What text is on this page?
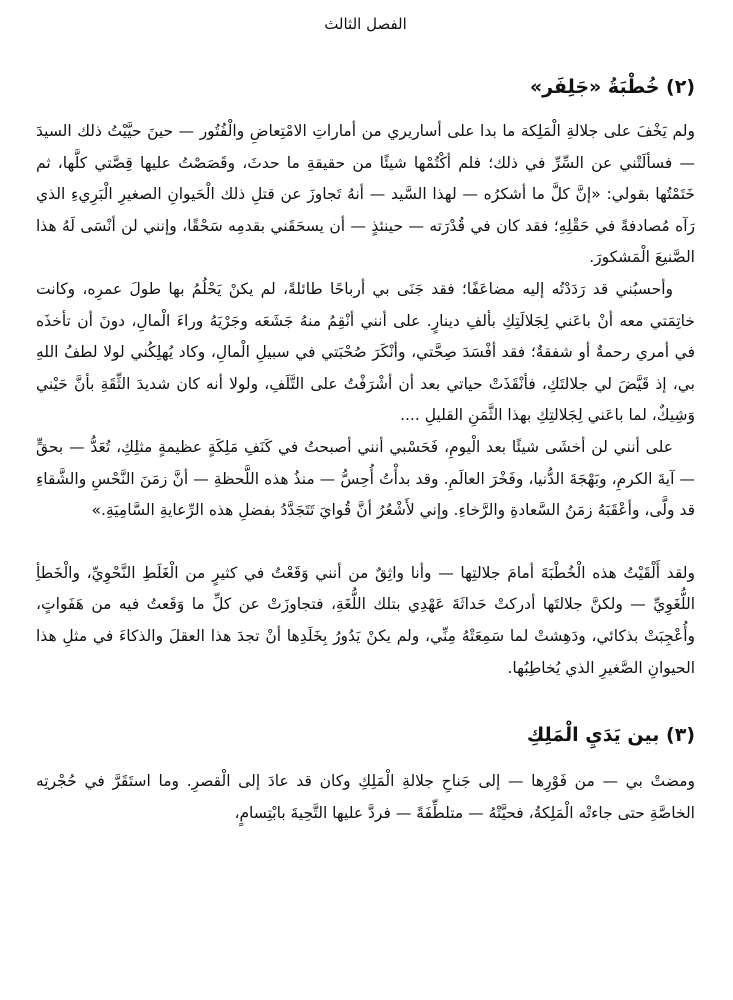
الفصل الثالث
(٢) خُطْبَةُ «جَلِفَر»

ولم يَخْفَ على جلالةِ الْمَلِكة ما بدا على أساريري من أماراتِ الامْتِعاضِ والْفُتُور — حينَ حيَّيْتُ ذلك السيدَ — فسألَتْني عن السِّرِّ في ذلك؛ فلم أكْتُمْها شيئًا من حقيقةِ ما حدثَ، وقَصَصْتُ عليها قِصَّتي كلَّها، ثم خَتَمْتُها بقولي: «إنَّ كلَّ ما أشكرُه — لهذا السَّيد — أنهُ تَجاوزَ عن قتلِ ذلك الْحَيوانِ الصغيرِ الْبَرِيءِ الذي رَآه مُصادفةً في حَقْلِهِ؛ فقد كان في قُدْرَته — حينئذٍ — أن يسحَقَني بقدمِه سَحْقًا، وإنني لن أنْسَى لَهُ هذا الصَّنيعَ الْمَشكورَ.

وأحسبُني قد رَدَدْتُه إليه مضاعَفًا؛ فقد جَنَى بي أرباحًا طائلةً، لم يكنْ يَحْلُمُ بها طولَ عمرِه، وكانت خاتِمَتي معه أنْ باعَني لِجَلالَتِكِ بألفِ دينارٍ. على أنني أنْقِمُ منهُ جَشَعَه وجَرْيَهُ وراءَ الْمالِ، دونَ أن تأخذَه في أمري رحمةٌ أو شفقةٌ؛ فقد أفْسَدَ صِحَّتي، وأنْكَرَ صُحْبَتي في سبيلِ الْمالِ، وكاد يُهلِكُني لولا لطفُ اللهِ بي، إذ قَيَّضَ لي جلالتَكِ، فأنْقَذَتْ حياتي بعد أن أشْرَفْتُ على التَّلَفِ، ولولا أنه كان شديدَ الثِّقَةِ بأنَّ حَيْني وَشِيكٌ، لما باعَني لِجَلالتِكِ بهذا الثَّمَنِ القليلِ ....

على أنني لن أخشَى شيئًا بعد الْيومِ، فَحَسْبي أنني أصبحتُ في كَنَفِ مَلِكَةٍ عظيمةٍ مثلِكِ، تُعَدُّ — بحقٍّ — آيةَ الكرمِ، وبَهْجَةَ الدُّنيا، وفَخْرَ العالَمِ. وقد بدأْتُ أُحِسُّ — منذُ هذه اللَّحظةِ — أنَّ زمَنَ النَّحْسِ والشَّقاءِ قد ولَّى، وأعْقَبَهُ زمَنُ السَّعادةِ والرَّخاءِ. وإني لأَشْعُرُ أنَّ قُوايَ تَتَجَدَّدُ بفضلِ هذه الرِّعايةِ السَّامِيَةِ.»

ولقد أَلْقَيْتُ هذه الْخُطْبَةَ أمامَ جلالتِها — وأنا واثِقٌ من أنني وَقَعْتُ في كثيرٍ من الْغَلَطِ النَّحْوِيِّ، والْخَطأِ اللُّغَوِيِّ — ولكنَّ جلالتَها أدركتْ حَداثَةَ عَهْدِي بتلك اللُّغَةِ، فتجاوزَتْ عن كلِّ ما وَقَعتُ فيه من هَفَواتٍ، وأُعْجِبَتْ بذكائي، ودَهِشتْ لما سَمِعَتْهُ مِنِّي، ولم يكنْ يَدُورُ بِخَلَدِها أنْ تجدَ هذا العقلَ والذكاءَ في مثلِ هذا الحيوانِ الصَّغيرِ الذي يُخاطِبُها.

(٣) بين يَدَيِ الْمَلِكِ

ومضتْ بي — من فَوْرِها — إلى جَناحِ جلالةِ الْمَلِكِ وكان قد عادَ إلى الْقصرِ. وما استَقَرَّ في حُجْرتِه الخاصَّةِ حتى جاءتْه الْمَلِكةُ، فحيَّتْهُ — متلطِّفَةً — فردَّ عليها التَّحِيةَ بابْتِسامٍ،
